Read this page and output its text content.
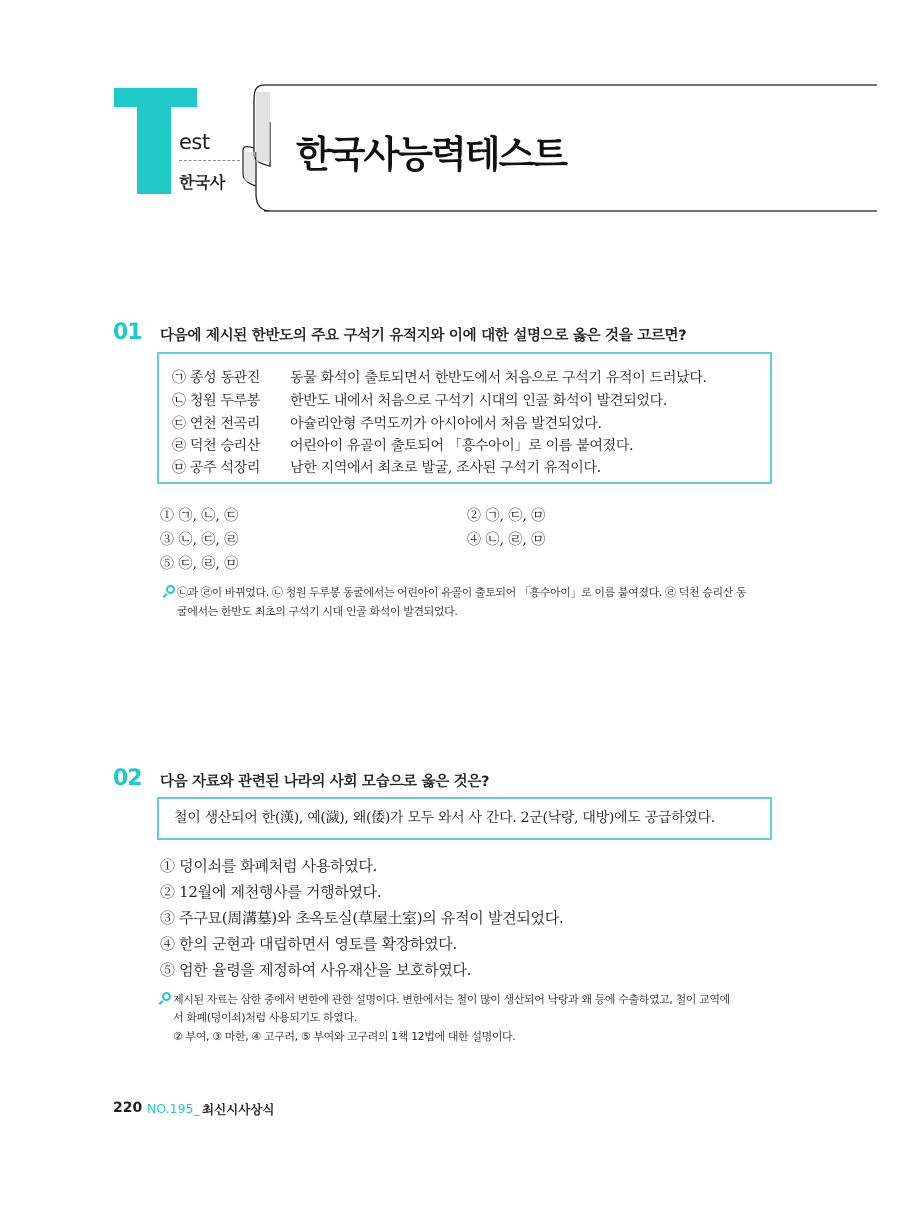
est
한국사
한국사능력테스트
01 다음에 제시된 한반도의 주요 구석기 유적지와 이에 대한 설명으로 옳은 것을 고르면?
㉠ 종성 동관진 동물 화석이 출토되면서 한반도에서 처음으로 구석기 유적이 드러났다.
㉡ 청원 두루봉 한반도 내에서 처음으로 구석기 시대의 인골 화석이 발견되었다.
㉢ 연천 전곡리 아슐리안형 주먹도끼가 아시아에서 처음 발견되었다.
㉣ 덕천 승리산 어린아이 유골이 출토되어 「흥수아이」로 이름 붙여졌다.
㉤ 공주 석장리 남한 지역에서 최초로 발굴, 조사된 구석기 유적이다.
① ㉠, ㉡, ㉢	② ㉠, ㉢, ㉤
③ ㉡, ㉢, ㉣	④ ㉡, ㉣, ㉤
⑤ ㉢, ㉣, ㉤
㉡과 ㉣이 바뀌었다. ㉡ 청원 두루봉 동굴에서는 어린아이 유골이 출토되어 「흥수아이」로 이름 붙여졌다. ㉣ 덕천 승리산 동
굴에서는 한반도 최초의 구석기 시대 인골 화석이 발견되었다.
02 다음 자료와 관련된 나라의 사회 모습으로 옳은 것은?
철이 생산되어 한(漢), 예(濊), 왜(倭)가 모두 와서 사 간다. 2군(낙랑, 대방)에도 공급하였다.
① 덩이쇠를 화폐처럼 사용하였다.
② 12월에 제천행사를 거행하였다.
③ 주구묘(周溝墓)와 초옥토실(草屋土室)의 유적이 발견되었다.
④ 한의 군현과 대립하면서 영토를 확장하였다.
⑤ 엄한 율령을 제정하여 사유재산을 보호하였다.
제시된 자료는 삼한 중에서 변한에 관한 설명이다. 변한에서는 철이 많이 생산되어 낙랑과 왜 등에 수출하였고, 철이 교역에
서 화폐(덩이쇠)처럼 사용되기도 하였다.
② 부여, ③ 마한, ④ 고구려, ⑤ 부여와 고구려의 1책 12법에 대한 설명이다.
220 NO.195_ 최신시사상식
